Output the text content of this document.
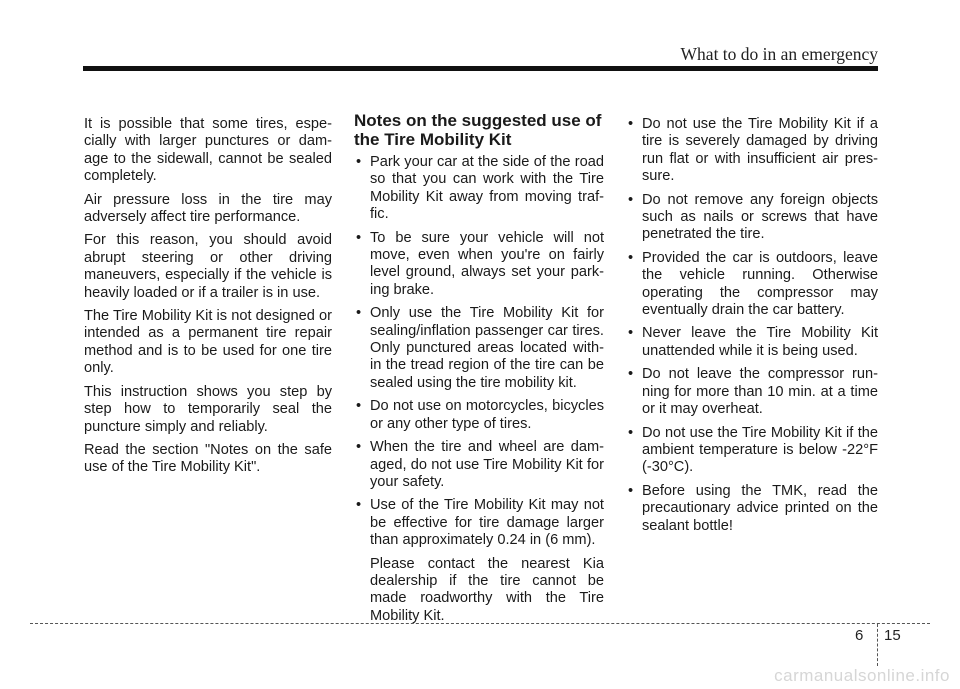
What to do in an emergency

It is possible that some tires, espe-cially with larger punctures or dam-age to the sidewall, cannot be sealed completely.

Air pressure loss in the tire may adversely affect tire performance.

For this reason, you should avoid abrupt steering or other driving maneuvers, especially if the vehicle is heavily loaded or if a trailer is in use.

The Tire Mobility Kit is not designed or intended as a permanent tire repair method and is to be used for one tire only.

This instruction shows you step by step how to temporarily seal the puncture simply and reliably.

Read the section "Notes on the safe use of the Tire Mobility Kit".

Notes on the suggested use of the Tire Mobility Kit

• Park your car at the side of the road so that you can work with the Tire Mobility Kit away from moving traf-fic.
• To be sure your vehicle will not move, even when you're on fairly level ground, always set your park-ing brake.
• Only use the Tire Mobility Kit for sealing/inflation passenger car tires. Only punctured areas located with-in the tread region of the tire can be sealed using the tire mobility kit.
• Do not use on motorcycles, bicycles or any other type of tires.
• When the tire and wheel are dam-aged, do not use Tire Mobility Kit for your safety.
• Use of the Tire Mobility Kit may not be effective for tire damage larger than approximately 0.24 in (6 mm).
Please contact the nearest Kia dealership if the tire cannot be made roadworthy with the Tire Mobility Kit.
• Do not use the Tire Mobility Kit if a tire is severely damaged by driving run flat or with insufficient air pres-sure.
• Do not remove any foreign objects such as nails or screws that have penetrated the tire.
• Provided the car is outdoors, leave the vehicle running. Otherwise operating the compressor may eventually drain the car battery.
• Never leave the Tire Mobility Kit unattended while it is being used.
• Do not leave the compressor run-ning for more than 10 min. at a time or it may overheat.
• Do not use the Tire Mobility Kit if the ambient temperature is below -22°F (-30°C).
• Before using the TMK, read the precautionary advice printed on the sealant bottle!
6 15
carmanualsonline.info
